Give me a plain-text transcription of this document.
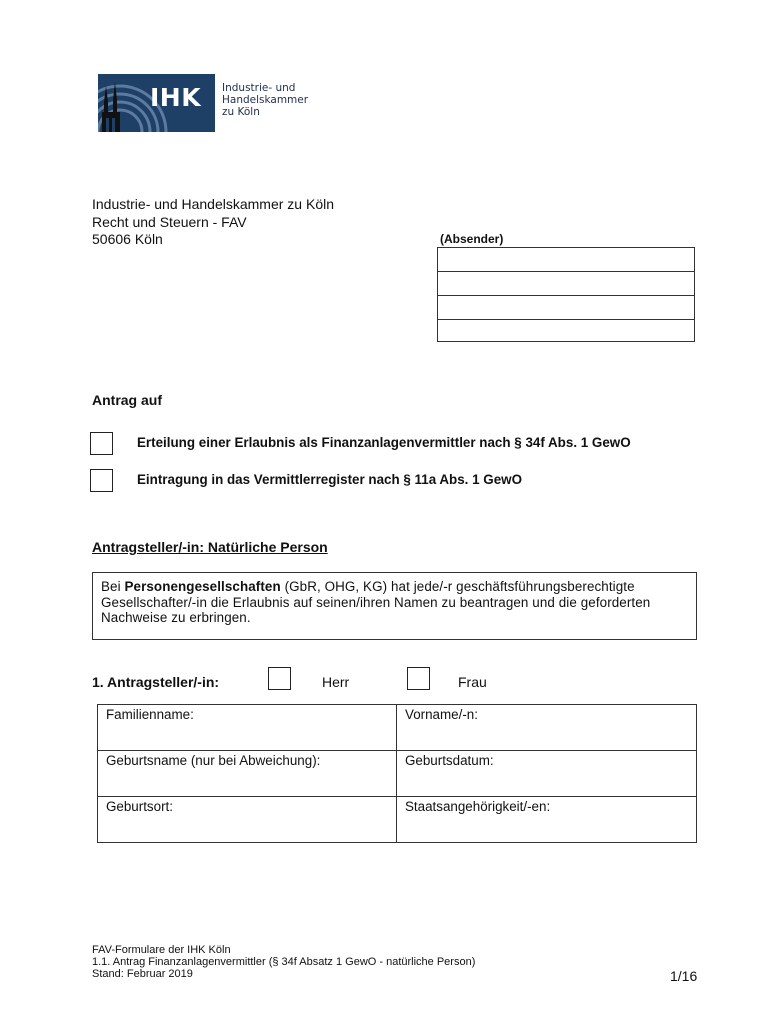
IHK Industrie- und Handelskammer
zu Köln
Industrie- und Handelskammer zu Köln
Recht und Steuern - FAV
50606 Köln	(Absender)
Antrag auf
Erteilung einer Erlaubnis als Finanzanlagenvermittler nach § 34f Abs. 1 GewO
Eintragung in das Vermittlerregister nach § 11a Abs. 1 GewO
Antragsteller/-in: Natürliche Person
Bei Personengesellschaften (GbR, OHG, KG) hat jede/-r geschäftsführungsberechtigte Gesellschafter/-in die Erlaubnis auf seinen/ihren Namen zu beantragen und die geforderten Nachweise zu erbringen.
1. Antragsteller/-in:	Herr	Frau
Familienname:	Vorname/-n:
Geburtsname (nur bei Abweichung):	Geburtsdatum:
Geburtsort:	Staatsangehörigkeit/-en:
FAV-Formulare der IHK Köln
1.1. Antrag Finanzanlagenvermittler (§ 34f Absatz 1 GewO - natürliche Person)
Stand: Februar 2019	1/16
